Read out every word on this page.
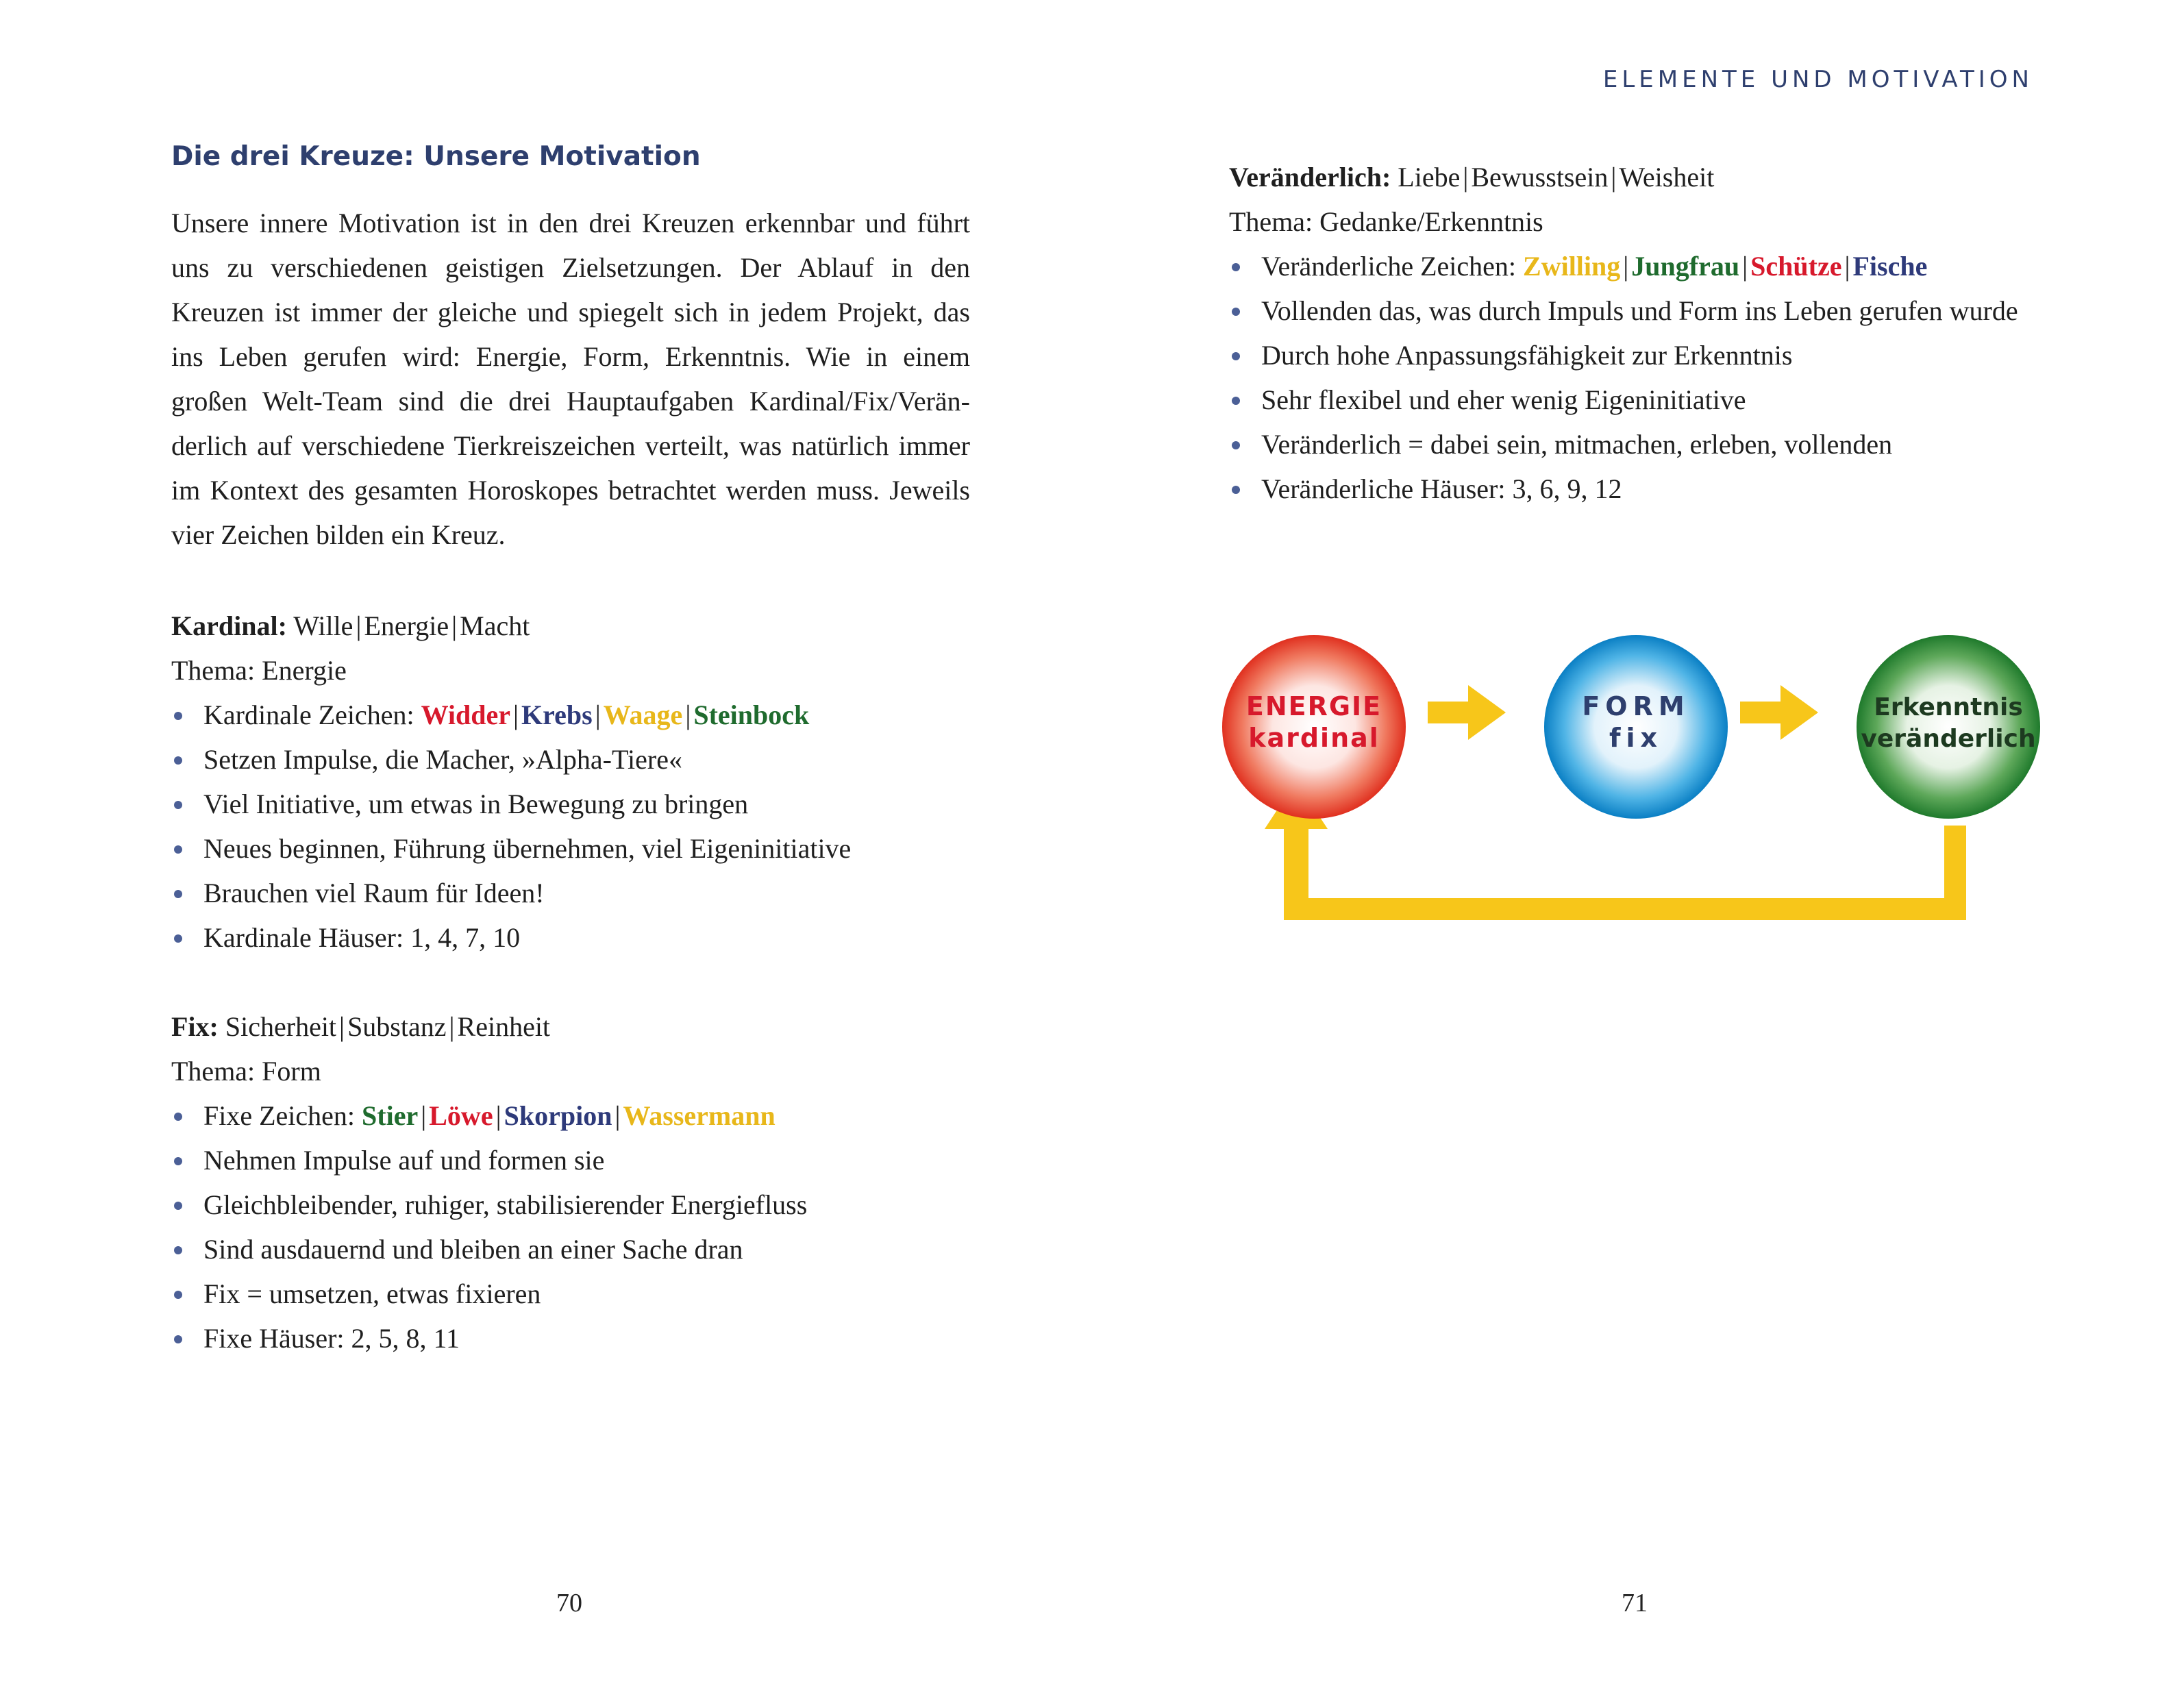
Die drei Kreuze: Unsere Motivation

Unsere innere Motivation ist in den drei Kreuzen erkennbar und führt uns zu verschiedenen geistigen Zielsetzungen. Der Ablauf in den Kreuzen ist immer der gleiche und spiegelt sich in jedem Projekt, das ins Leben gerufen wird: Energie, Form, Erkenntnis. Wie in einem großen Welt-Team sind die drei Hauptaufgaben Kardinal/Fix/Veränderlich auf verschiedene Tierkreiszeichen verteilt, was natürlich immer im Kontext des gesamten Horoskopes betrachtet werden muss. Jeweils vier Zeichen bilden ein Kreuz.

Kardinal: Wille | Energie | Macht
Thema: Energie
Kardinale Zeichen: Widder | Krebs | Waage | Steinbock
Setzen Impulse, die Macher, »Alpha-Tiere«
Viel Initiative, um etwas in Bewegung zu bringen
Neues beginnen, Führung übernehmen, viel Eigeninitiative
Brauchen viel Raum für Ideen!
Kardinale Häuser: 1, 4, 7, 10
Fix: Sicherheit | Substanz | Reinheit
Thema: Form
Fixe Zeichen: Stier | Löwe | Skorpion | Wassermann
Nehmen Impulse auf und formen sie
Gleichbleibender, ruhiger, stabilisierender Energiefluss
Sind ausdauernd und bleiben an einer Sache dran
Fix = umsetzen, etwas fixieren
Fixe Häuser: 2, 5, 8, 11
70
ELEMENTE UND MOTIVATION
Veränderlich: Liebe | Bewusstsein | Weisheit
Thema: Gedanke/Erkenntnis
Veränderliche Zeichen: Zwilling | Jungfrau | Schütze | Fische
Vollenden das, was durch Impuls und Form ins Leben gerufen wurde
Durch hohe Anpassungsfähigkeit zur Erkenntnis
Sehr flexibel und eher wenig Eigeninitiative
Veränderlich = dabei sein, mitmachen, erleben, vollenden
Veränderliche Häuser: 3, 6, 9, 12
ENERGIE
kardinal
FORM
fix
Erkenntnis
veränderlich
71
